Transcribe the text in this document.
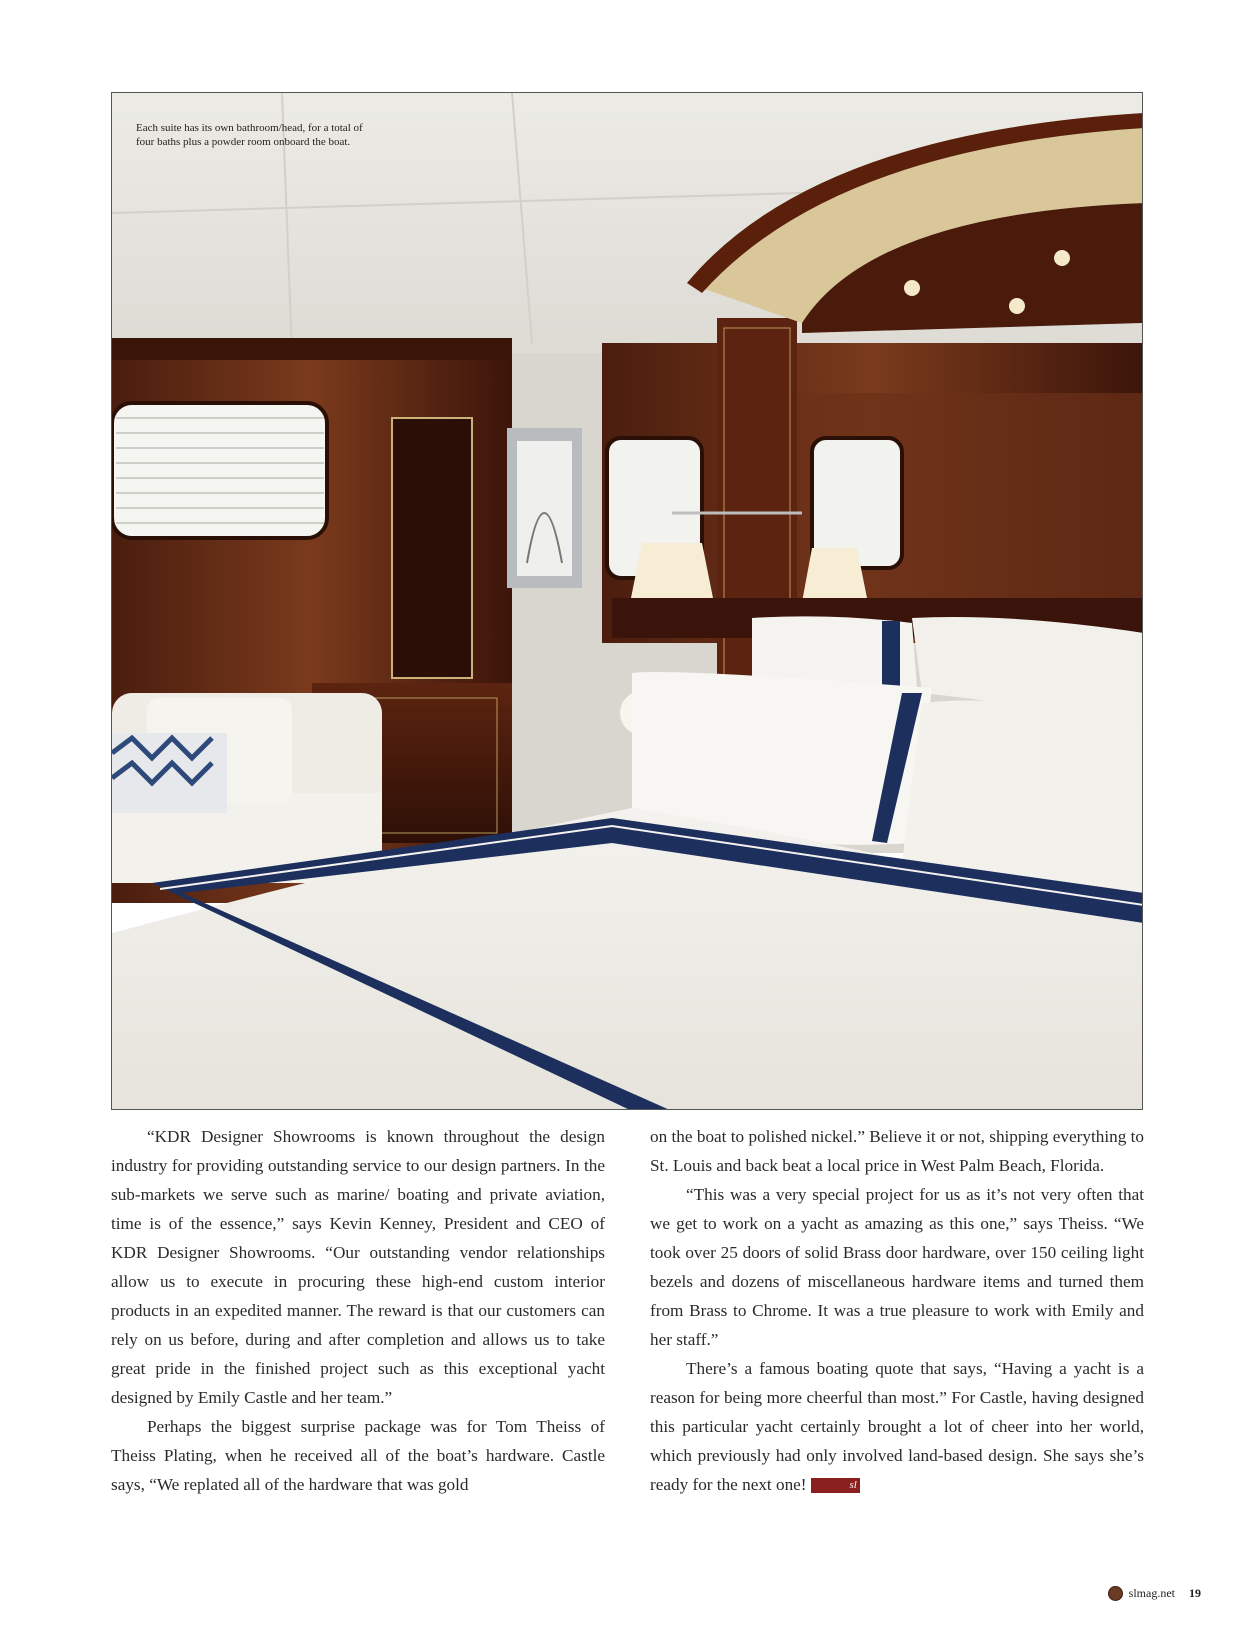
Each suite has its own bathroom/head, for a total of four baths plus a powder room onboard the boat.

“KDR Designer Showrooms is known throughout the design industry for providing outstanding service to our design partners. In the sub-markets we serve such as marine/ boating and private aviation, time is of the essence,” says Kevin Kenney, President and CEO of KDR Designer Showrooms. “Our outstanding vendor relationships allow us to execute in procuring these high-end custom interior products in an expedited manner. The reward is that our customers can rely on us before, during and after completion and allows us to take great pride in the finished project such as this exceptional yacht designed by Emily Castle and her team.”

Perhaps the biggest surprise package was for Tom Theiss of Theiss Plating, when he received all of the boat’s hardware. Castle says, “We replated all of the hardware that was gold

on the boat to polished nickel.” Believe it or not, shipping everything to St. Louis and back beat a local price in West Palm Beach, Florida.

“This was a very special project for us as it’s not very often that we get to work on a yacht as amazing as this one,” says Theiss. “We took over 25 doors of solid Brass door hardware, over 150 ceiling light bezels and dozens of miscellaneous hardware items and turned them from Brass to Chrome. It was a true pleasure to work with Emily and her staff.”

There’s a famous boating quote that says, “Having a yacht is a reason for being more cheerful than most.” For Castle, having designed this particular yacht certainly brought a lot of cheer into her world, which previously had only involved land-based design. She says she’s ready for the next one!	sl

slmag.net 19
